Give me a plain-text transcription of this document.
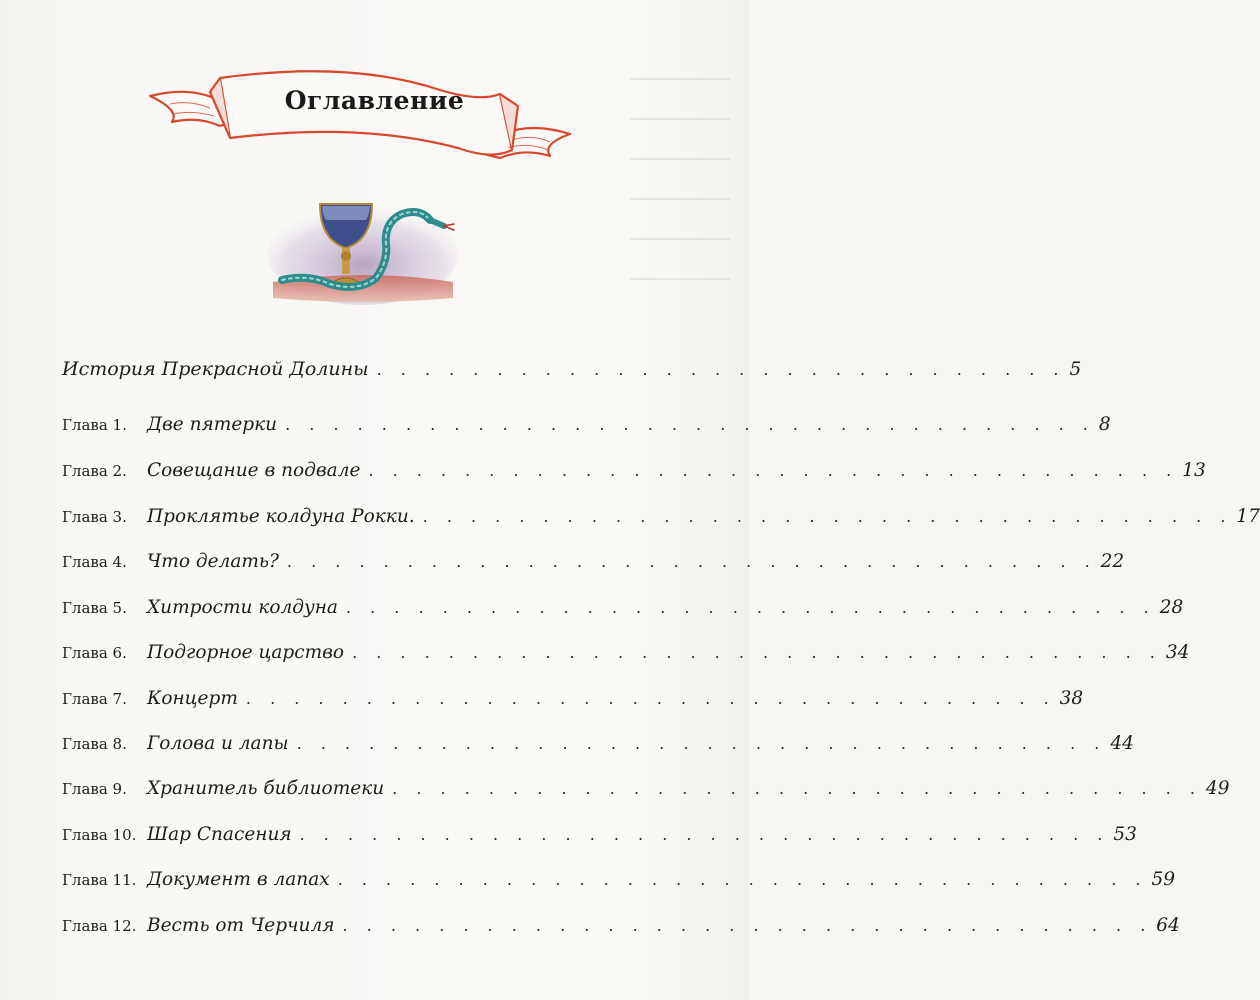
Оглавление
История Прекрасной Долины . . . . . . . . . . . . . . . . . . . . . . . . . . . . . 5
Глава 1.	Две пятерки . . . . . . . . . . . . . . . . . . . . . . . . . . . . . . . . . . 8
Глава 2.	Совещание в подвале . . . . . . . . . . . . . . . . . . . . . . . . . . . . . . . . . . 13
Глава 3.	Проклятье колдуна Рокки. . . . . . . . . . . . . . . . . . . . . . . . . . . . . . . . . . . 17
Глава 4.	Что делать? . . . . . . . . . . . . . . . . . . . . . . . . . . . . . . . . . . 22
Глава 5.	Хитрости колдуна . . . . . . . . . . . . . . . . . . . . . . . . . . . . . . . . . . 28
Глава 6.	Подгорное царство . . . . . . . . . . . . . . . . . . . . . . . . . . . . . . . . . . 34
Глава 7.	Концерт . . . . . . . . . . . . . . . . . . . . . . . . . . . . . . . . . . 38
Глава 8.	Голова и лапы . . . . . . . . . . . . . . . . . . . . . . . . . . . . . . . . . . 44
Глава 9.	Хранитель библиотеки . . . . . . . . . . . . . . . . . . . . . . . . . . . . . . . . . . 49
Глава 10. Шар Спасения . . . . . . . . . . . . . . . . . . . . . . . . . . . . . . . . . . 53
Глава 11. Документ в лапах . . . . . . . . . . . . . . . . . . . . . . . . . . . . . . . . . . 59
Глава 12. Весть от Черчиля . . . . . . . . . . . . . . . . . . . . . . . . . . . . . . . . . . 64
